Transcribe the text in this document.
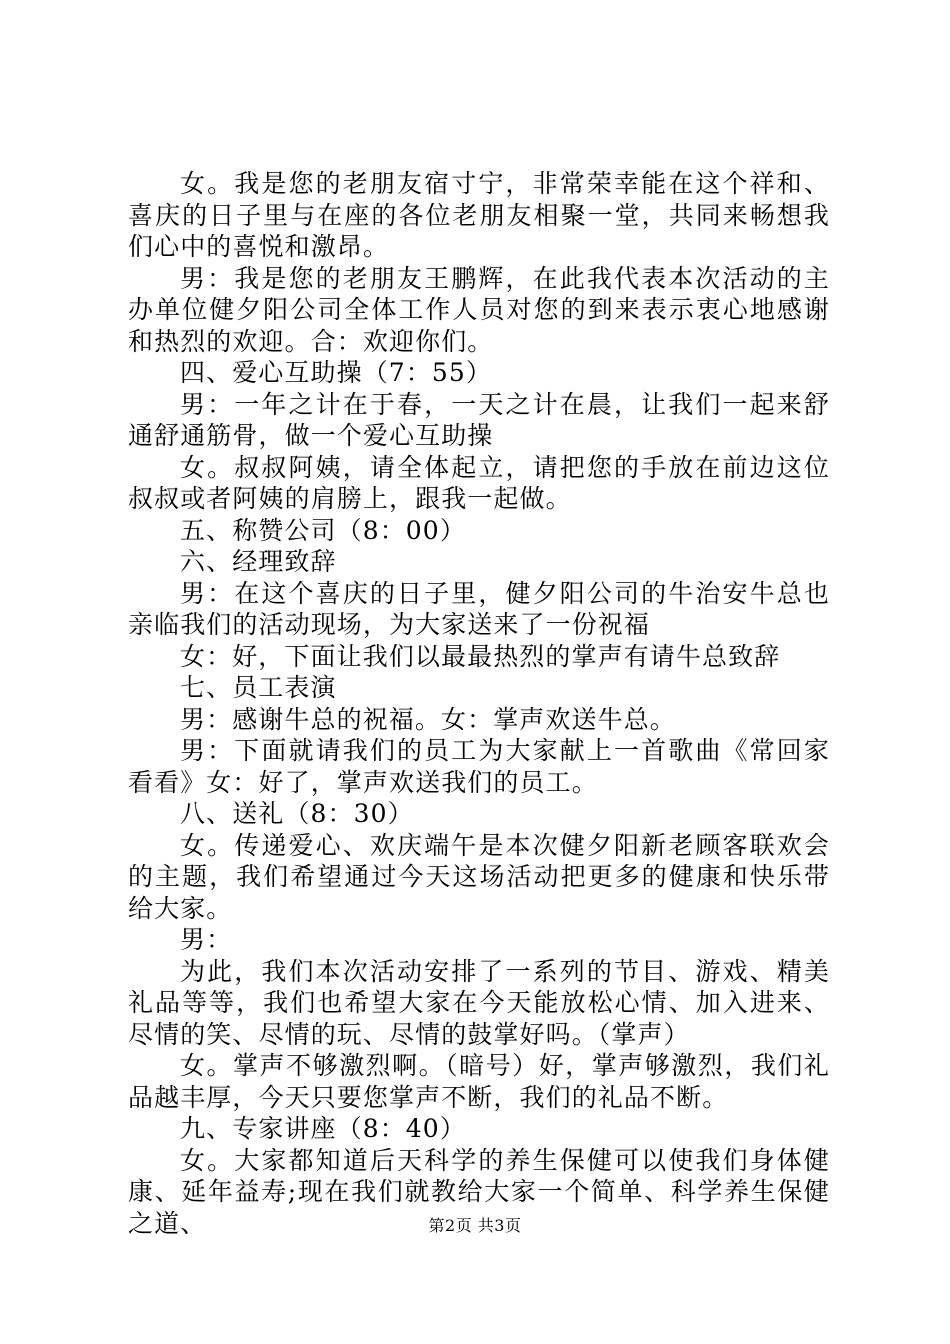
女。我是您的老朋友宿寸宁，非常荣幸能在这个祥和、喜庆的日子里与在座的各位老朋友相聚一堂，共同来畅想我们心中的喜悦和激昂。

男：我是您的老朋友王鹏辉，在此我代表本次活动的主办单位健夕阳公司全体工作人员对您的到来表示衷心地感谢和热烈的欢迎。合：欢迎你们。

四、爱心互助操（7：55）

男：一年之计在于春，一天之计在晨，让我们一起来舒通舒通筋骨，做一个爱心互助操

女。叔叔阿姨，请全体起立，请把您的手放在前边这位叔叔或者阿姨的肩膀上，跟我一起做。

五、称赞公司（8：00）

六、经理致辞

男：在这个喜庆的日子里，健夕阳公司的牛治安牛总也亲临我们的活动现场，为大家送来了一份祝福

女：好，下面让我们以最最热烈的掌声有请牛总致辞

七、员工表演

男：感谢牛总的祝福。女：掌声欢送牛总。

男：下面就请我们的员工为大家献上一首歌曲《常回家看看》女：好了，掌声欢送我们的员工。

八、送礼（8：30）

女。传递爱心、欢庆端午是本次健夕阳新老顾客联欢会的主题，我们希望通过今天这场活动把更多的健康和快乐带给大家。

男：

为此，我们本次活动安排了一系列的节目、游戏、精美礼品等等，我们也希望大家在今天能放松心情、加入进来、尽情的笑、尽情的玩、尽情的鼓掌好吗。（掌声）

女。掌声不够激烈啊。（暗号）好，掌声够激烈，我们礼品越丰厚，今天只要您掌声不断，我们的礼品不断。

九、专家讲座（8：40）

女。大家都知道后天科学的养生保健可以使我们身体健康、延年益寿;现在我们就教给大家一个简单、科学养生保健之道、	第2页 共3页
